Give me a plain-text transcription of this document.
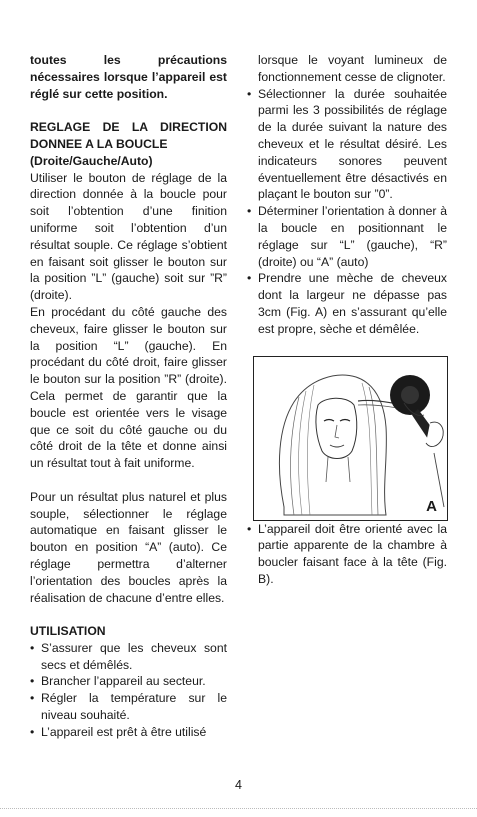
toutes les précautions nécessaires lorsque l’appareil est réglé sur cette position.

REGLAGE DE LA DIRECTION DONNEE A LA BOUCLE

(Droite/Gauche/Auto)

Utiliser le bouton de réglage de la direction donnée à la boucle pour soit l’obtention d’une finition uniforme soit l’obtention d’un résultat souple. Ce réglage s’obtient en faisant soit glisser le bouton sur la position ”L” (gauche) soit sur ”R” (droite).

En procédant du côté gauche des cheveux, faire glisser le bouton sur la position “L” (gauche). En procédant du côté droit, faire glisser le bouton sur la position ”R” (droite). Cela permet de garantir que la boucle est orientée vers le visage que ce soit du côté gauche ou du côté droit de la tête et donne ainsi un résultat tout à fait uniforme.

Pour un résultat plus naturel et plus souple, sélectionner le réglage automatique en faisant glisser le bouton en position “A” (auto). Ce réglage permettra d’alterner l’orientation des boucles après la réalisation de chacune d’entre elles.

UTILISATION

• S’assurer que les cheveux sont secs et démêlés.
• Brancher l’appareil au secteur.
• Régler la température sur le niveau souhaité.
• L’appareil est prêt à être utilisé

lorsque le voyant lumineux de fonctionnement cesse de clignoter.

• Sélectionner la durée souhaitée parmi les 3 possibilités de réglage de la durée suivant la nature des cheveux et le résultat désiré. Les indicateurs sonores peuvent éventuellement être désactivés en plaçant le bouton sur ”0”.
• Déterminer l’orientation à donner à la boucle en positionnant le réglage sur “L” (gauche), “R” (droite) ou “A” (auto)
• Prendre une mèche de cheveux dont la largeur ne dépasse pas 3cm (Fig. A) en s’assurant qu’elle est propre, sèche et démêlée.
A
• L’appareil doit être orienté avec la partie apparente de la chambre à boucler faisant face à la tête (Fig. B).
4
